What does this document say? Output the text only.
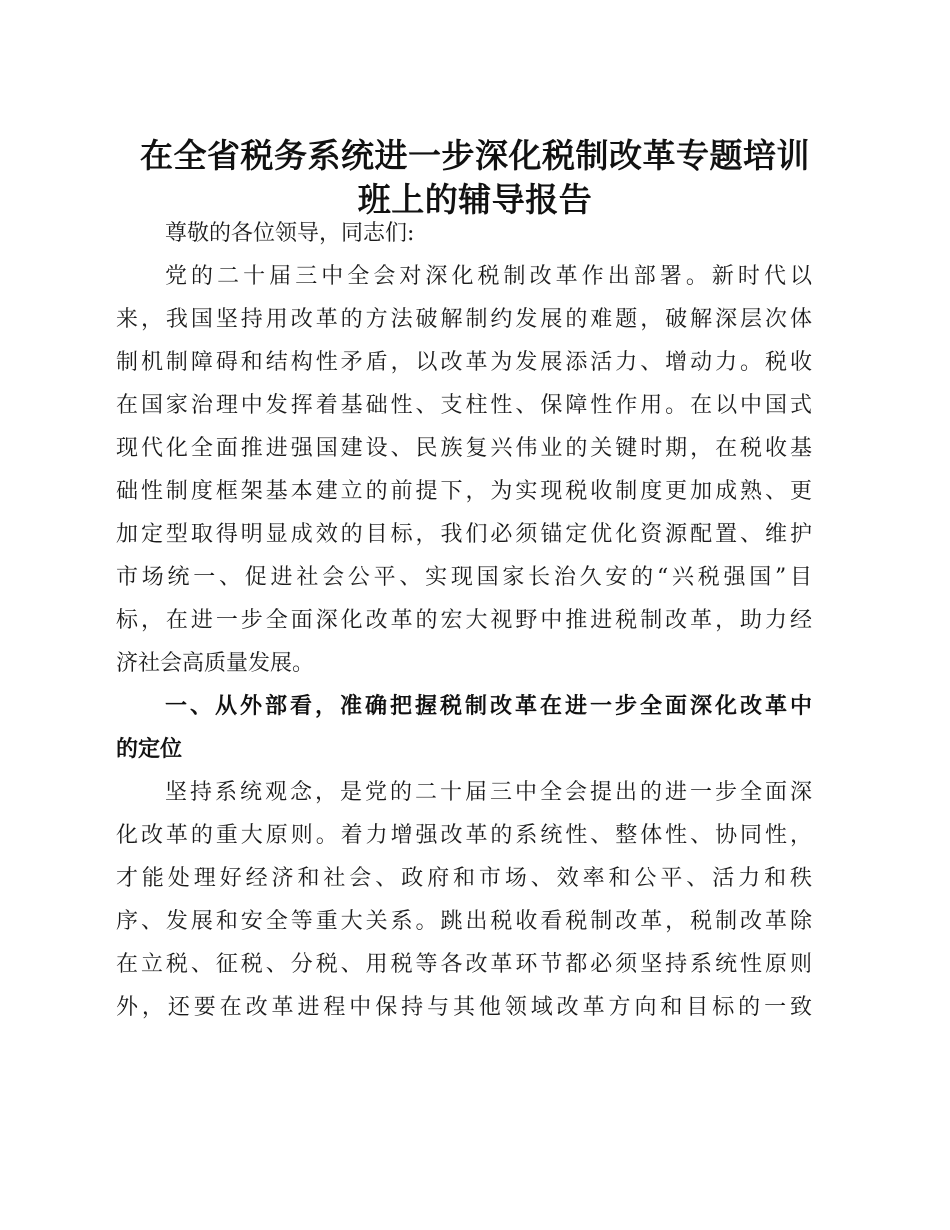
在全省税务系统进一步深化税制改革专题培训
班上的辅导报告
尊敬的各位领导，同志们:
党的二十届三中全会对深化税制改革作出部署。新时代以
来，我国坚持用改革的方法破解制约发展的难题，破解深层次体
制机制障碍和结构性矛盾，以改革为发展添活力、增动力。税收
在国家治理中发挥着基础性、支柱性、保障性作用。在以中国式
现代化全面推进强国建设、民族复兴伟业的关键时期，在税收基
础性制度框架基本建立的前提下，为实现税收制度更加成熟、更
加定型取得明显成效的目标，我们必须锚定优化资源配置、维护
市场统一、促进社会公平、实现国家长治久安的“兴税强国”目
标，在进一步全面深化改革的宏大视野中推进税制改革，助力经
济社会高质量发展。
一、从外部看，准确把握税制改革在进一步全面深化改革中
的定位
坚持系统观念，是党的二十届三中全会提出的进一步全面深
化改革的重大原则。着力增强改革的系统性、整体性、协同性，
才能处理好经济和社会、政府和市场、效率和公平、活力和秩
序、发展和安全等重大关系。跳出税收看税制改革，税制改革除
在立税、征税、分税、用税等各改革环节都必须坚持系统性原则
外，还要在改革进程中保持与其他领域改革方向和目标的一致
